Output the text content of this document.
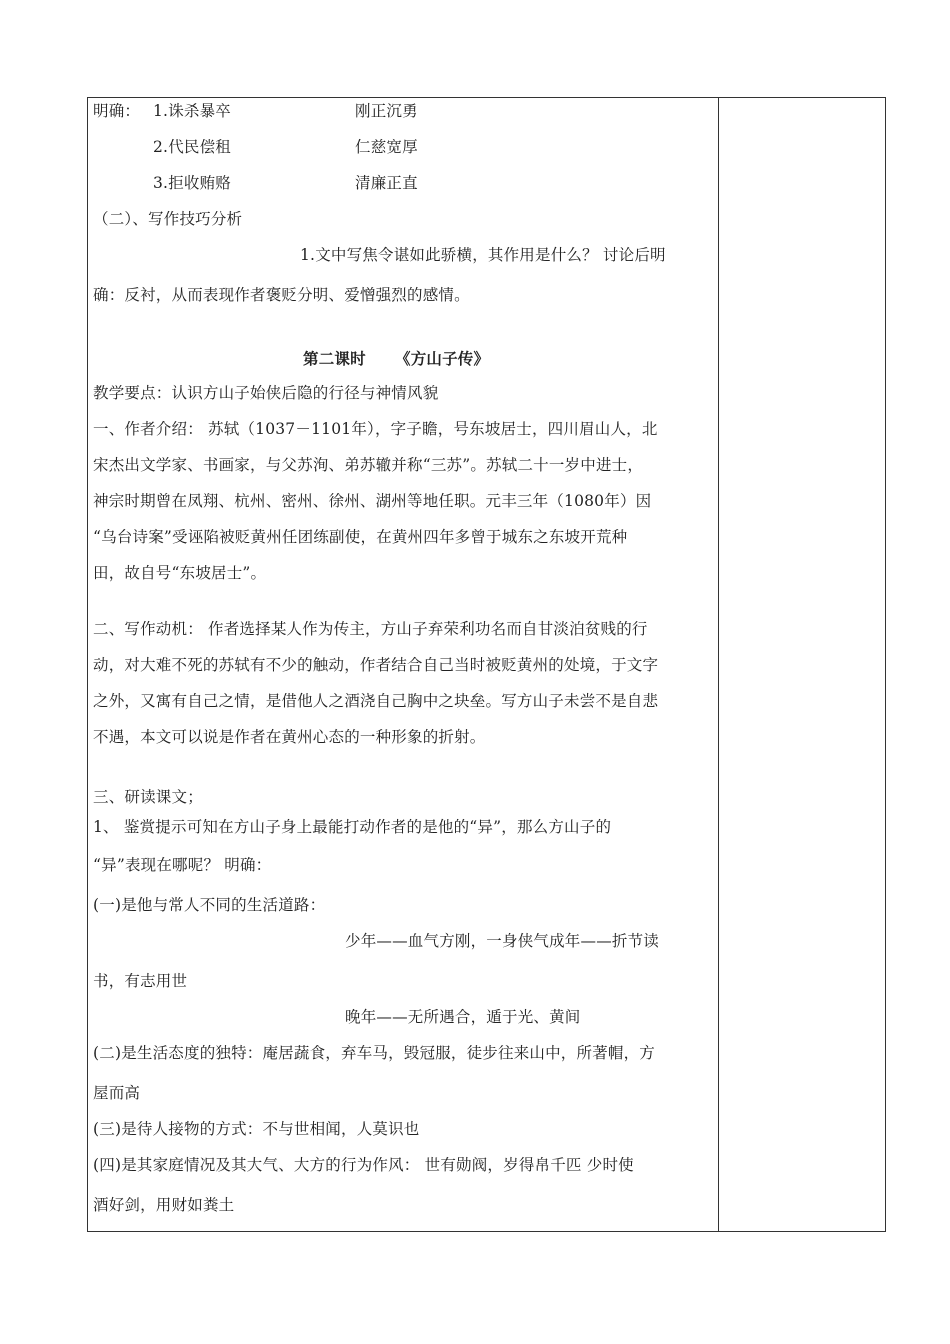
明确： 1.诛杀暴卒	刚正沉勇
2.代民偿租	仁慈宽厚
3.拒收贿赂	清廉正直
（二）、写作技巧分析
1.文中写焦令谌如此骄横，其作用是什么？ 讨论后明
确：反衬，从而表现作者褒贬分明、爱憎强烈的感情。
第二课时 《方山子传》
教学要点：认识方山子始侠后隐的行径与神情风貌
一、作者介绍： 苏轼（1037－1101年），字子瞻，号东坡居士，四川眉山人，北
宋杰出文学家、书画家，与父苏洵、弟苏辙并称“三苏”。苏轼二十一岁中进士，
神宗时期曾在凤翔、杭州、密州、徐州、湖州等地任职。元丰三年（1080年）因
“乌台诗案”受诬陷被贬黄州任团练副使，在黄州四年多曾于城东之东坡开荒种
田，故自号“东坡居士”。
二、写作动机： 作者选择某人作为传主，方山子弃荣利功名而自甘淡泊贫贱的行
动，对大难不死的苏轼有不少的触动，作者结合自己当时被贬黄州的处境，于文字
之外，又寓有自己之情，是借他人之酒浇自己胸中之块垒。写方山子未尝不是自悲
不遇，本文可以说是作者在黄州心态的一种形象的折射。
三、研读课文；
1、 鉴赏提示可知在方山子身上最能打动作者的是他的“异”，那么方山子的
“异”表现在哪呢？ 明确：
(一)是他与常人不同的生活道路：
少年——血气方刚，一身侠气成年——折节读
书，有志用世
晚年——无所遇合，遁于光、黄间
(二)是生活态度的独特：庵居蔬食，弃车马，毁冠服，徒步往来山中，所著帽，方
屋而高
(三)是待人接物的方式：不与世相闻，人莫识也
(四)是其家庭情况及其大气、大方的行为作风： 世有勋阀，岁得帛千匹 少时使
酒好剑，用财如粪土
